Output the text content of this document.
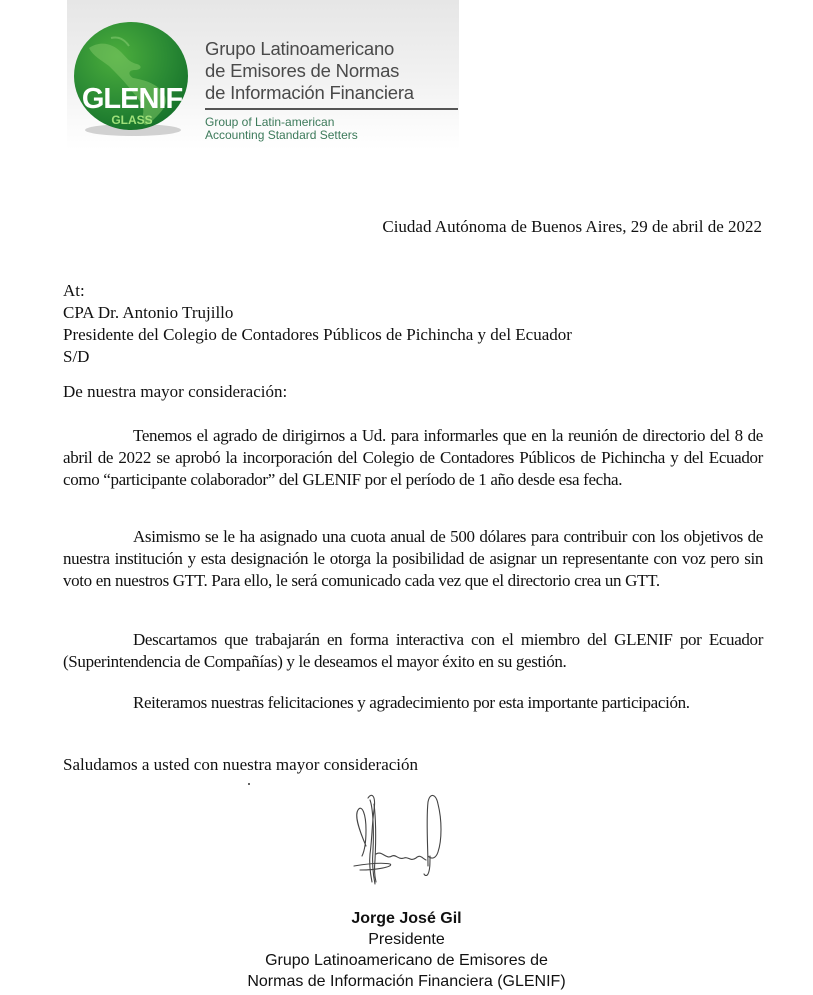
GLENIF
GLASS
Grupo Latinoamericano
de Emisores de Normas
de Información Financiera
Group of Latin-american
Accounting Standard Setters
Ciudad Autónoma de Buenos Aires, 29 de abril de 2022
At:
CPA Dr. Antonio Trujillo
Presidente del Colegio de Contadores Públicos de Pichincha y del Ecuador
S/D
De nuestra mayor consideración:

Tenemos el agrado de dirigirnos a Ud. para informarles que en la reunión de directorio del 8 de abril de 2022 se aprobó la incorporación del Colegio de Contadores Públicos de Pichincha y del Ecuador como “participante colaborador” del GLENIF por el período de 1 año desde esa fecha.

Asimismo se le ha asignado una cuota anual de 500 dólares para contribuir con los objetivos de nuestra institución y esta designación le otorga la posibilidad de asignar un representante con voz pero sin voto en nuestros GTT. Para ello, le será comunicado cada vez que el directorio crea un GTT.

Descartamos que trabajarán en forma interactiva con el miembro del GLENIF por Ecuador (Superintendencia de Compañías) y le deseamos el mayor éxito en su gestión.

Reiteramos nuestras felicitaciones y agradecimiento por esta importante participación.

Saludamos a usted con nuestra mayor consideración
Jorge José Gil
Presidente
Grupo Latinoamericano de Emisores de
Normas de Información Financiera (GLENIF)
